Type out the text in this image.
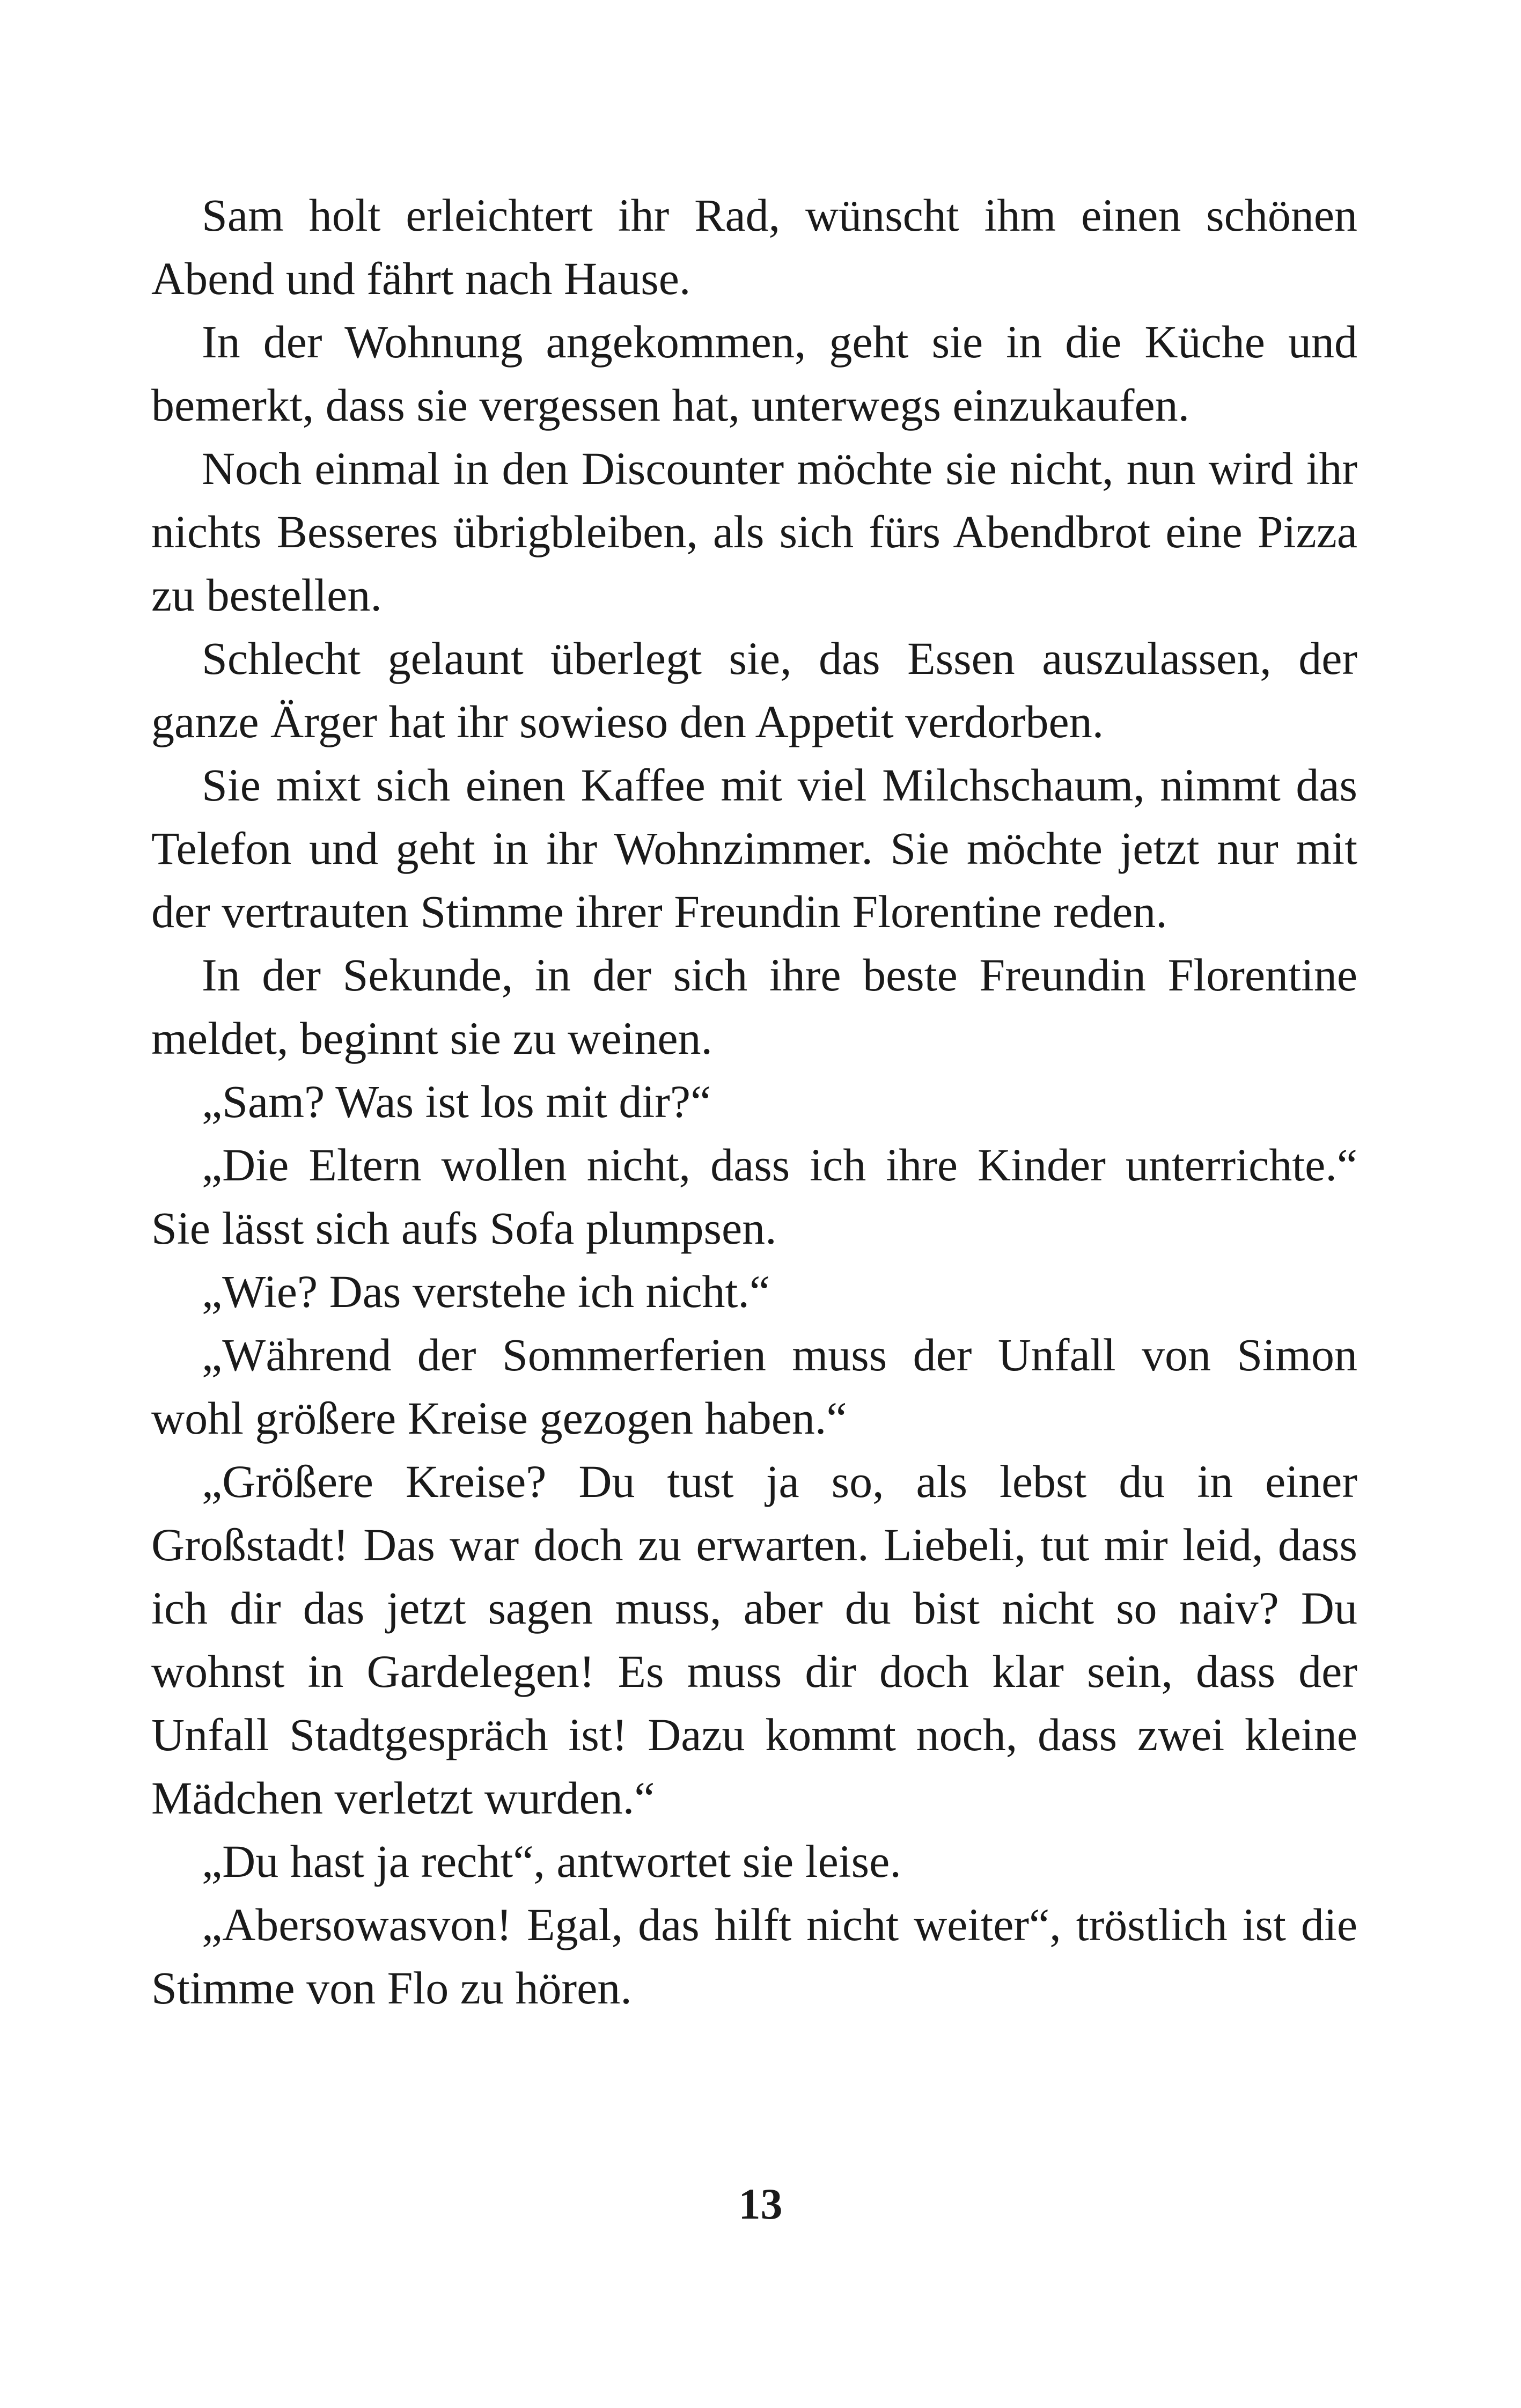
Sam holt erleichtert ihr Rad, wünscht ihm einen schönen Abend und fährt nach Hause.

In der Wohnung angekommen, geht sie in die Küche und bemerkt, dass sie vergessen hat, unterwegs einzukaufen.

Noch einmal in den Discounter möchte sie nicht, nun wird ihr nichts Besseres übrigbleiben, als sich fürs Abendbrot eine Pizza zu bestellen.

Schlecht gelaunt überlegt sie, das Essen auszulassen, der ganze Ärger hat ihr sowieso den Appetit verdorben.

Sie mixt sich einen Kaffee mit viel Milchschaum, nimmt das Telefon und geht in ihr Wohnzimmer. Sie möchte jetzt nur mit der vertrauten Stimme ihrer Freundin Florentine reden.

In der Sekunde, in der sich ihre beste Freundin Florentine meldet, beginnt sie zu weinen.

„Sam? Was ist los mit dir?“

„Die Eltern wollen nicht, dass ich ihre Kinder unterrichte.“ Sie lässt sich aufs Sofa plumpsen.

„Wie? Das verstehe ich nicht.“

„Während der Sommerferien muss der Unfall von Simon wohl größere Kreise gezogen haben.“

„Größere Kreise? Du tust ja so, als lebst du in einer Großstadt! Das war doch zu erwarten. Liebeli, tut mir leid, dass ich dir das jetzt sagen muss, aber du bist nicht so naiv? Du wohnst in Gardelegen! Es muss dir doch klar sein, dass der Unfall Stadtgespräch ist! Dazu kommt noch, dass zwei kleine Mädchen verletzt wurden.“

„Du hast ja recht“, antwortet sie leise.

„Abersowasvon! Egal, das hilft nicht weiter“, tröstlich ist die Stimme von Flo zu hören.

13
